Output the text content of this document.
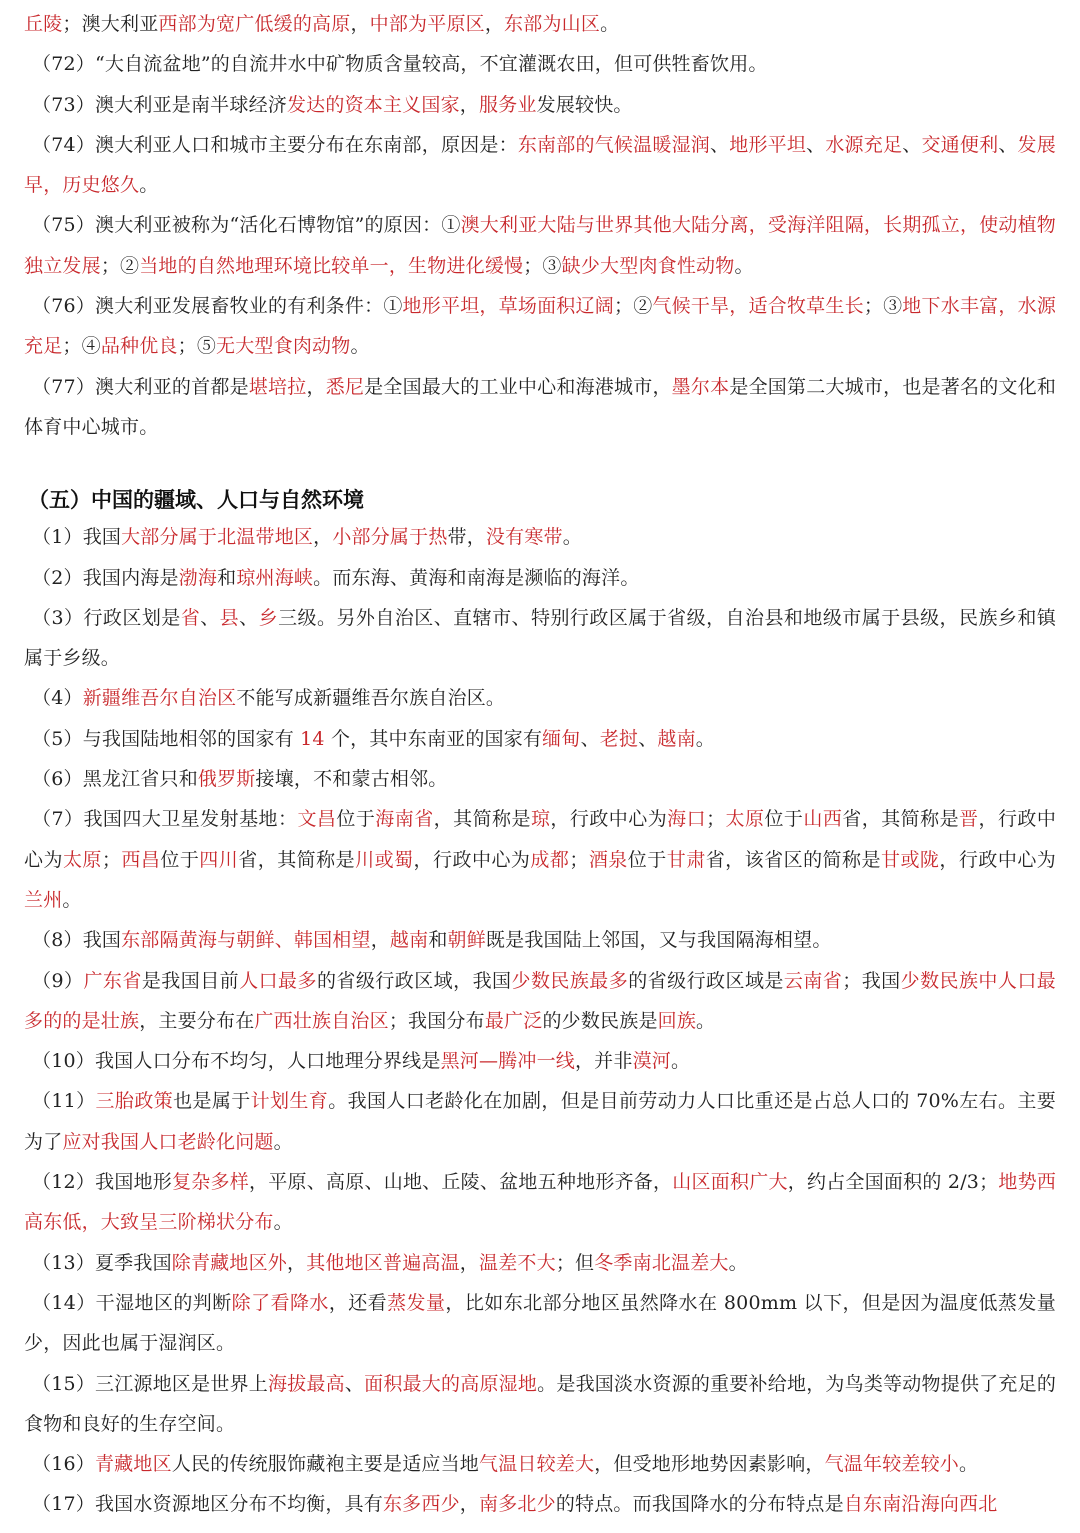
丘陵；澳大利亚西部为宽广低缓的高原，中部为平原区，东部为山区。

（72）“大自流盆地”的自流井水中矿物质含量较高，不宜灌溉农田，但可供牲畜饮用。

（73）澳大利亚是南半球经济发达的资本主义国家，服务业发展较快。

（74）澳大利亚人口和城市主要分布在东南部，原因是：东南部的气候温暖湿润、地形平坦、水源充足、交通便利、发展早，历史悠久。

（75）澳大利亚被称为“活化石博物馆”的原因：①澳大利亚大陆与世界其他大陆分离，受海洋阻隔，长期孤立，使动植物独立发展；②当地的自然地理环境比较单一，生物进化缓慢；③缺少大型肉食性动物。

（76）澳大利亚发展畜牧业的有利条件：①地形平坦，草场面积辽阔；②气候干旱，适合牧草生长；③地下水丰富，水源充足；④品种优良；⑤无大型食肉动物。

（77）澳大利亚的首都是堪培拉，悉尼是全国最大的工业中心和海港城市，墨尔本是全国第二大城市，也是著名的文化和体育中心城市。

（五）中国的疆域、人口与自然环境

（1）我国大部分属于北温带地区，小部分属于热带，没有寒带。

（2）我国内海是渤海和琼州海峡。而东海、黄海和南海是濒临的海洋。

（3）行政区划是省、县、乡三级。另外自治区、直辖市、特别行政区属于省级，自治县和地级市属于县级，民族乡和镇属于乡级。

（4）新疆维吾尔自治区不能写成新疆维吾尔族自治区。

（5）与我国陆地相邻的国家有 14 个，其中东南亚的国家有缅甸、老挝、越南。

（6）黑龙江省只和俄罗斯接壤，不和蒙古相邻。

（7）我国四大卫星发射基地：文昌位于海南省，其简称是琼，行政中心为海口；太原位于山西省，其简称是晋，行政中心为太原；西昌位于四川省，其简称是川或蜀，行政中心为成都；酒泉位于甘肃省，该省区的简称是甘或陇，行政中心为兰州。

（8）我国东部隔黄海与朝鲜、韩国相望，越南和朝鲜既是我国陆上邻国，又与我国隔海相望。

（9）广东省是我国目前人口最多的省级行政区域，我国少数民族最多的省级行政区域是云南省；我国少数民族中人口最多的的是壮族，主要分布在广西壮族自治区；我国分布最广泛的少数民族是回族。

（10）我国人口分布不均匀，人口地理分界线是黑河—腾冲一线，并非漠河。

（11）三胎政策也是属于计划生育。我国人口老龄化在加剧，但是目前劳动力人口比重还是占总人口的 70%左右。主要为了应对我国人口老龄化问题。

（12）我国地形复杂多样，平原、高原、山地、丘陵、盆地五种地形齐备，山区面积广大，约占全国面积的 2/3；地势西高东低，大致呈三阶梯状分布。

（13）夏季我国除青藏地区外，其他地区普遍高温，温差不大；但冬季南北温差大。

（14）干湿地区的判断除了看降水，还看蒸发量，比如东北部分地区虽然降水在 800mm 以下，但是因为温度低蒸发量少，因此也属于湿润区。

（15）三江源地区是世界上海拔最高、面积最大的高原湿地。是我国淡水资源的重要补给地，为鸟类等动物提供了充足的食物和良好的生存空间。

（16）青藏地区人民的传统服饰藏袍主要是适应当地气温日较差大，但受地形地势因素影响，气温年较差较小。

（17）我国水资源地区分布不均衡，具有东多西少，南多北少的特点。而我国降水的分布特点是自东南沿海向西北
